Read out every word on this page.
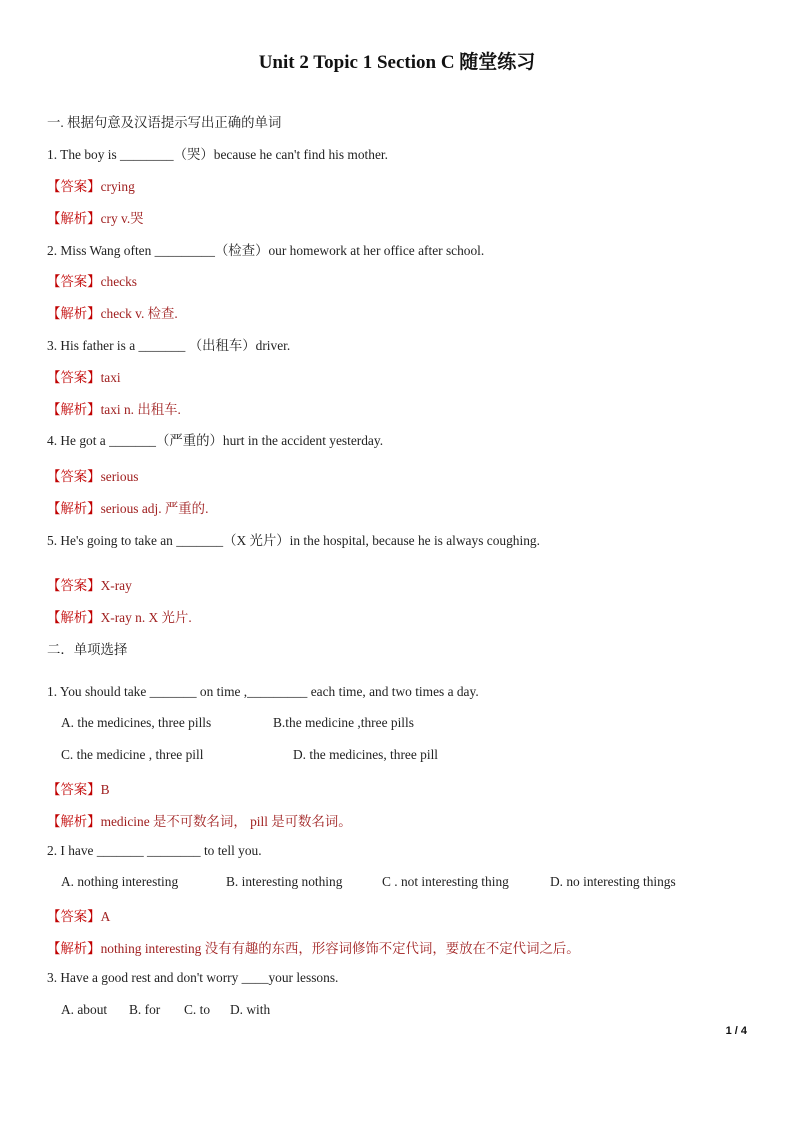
Unit 2 Topic 1 Section C 随堂练习
一. 根据句意及汉语提示写出正确的单词
1. The boy is ________（哭）because he can't find his mother.
【答案】crying
【解析】cry v.哭
2. Miss Wang often _________（检查）our homework at her office after school.
【答案】checks
【解析】check v. 检查.
3. His father is a _______ （出租车）driver.
【答案】taxi
【解析】taxi n. 出租车.
4. He got a _______（严重的）hurt in the accident yesterday.
【答案】serious
【解析】serious adj. 严重的.
5. He's going to take an _______（X 光片）in the hospital, because he is always coughing.
【答案】X-ray
【解析】X-ray n. X 光片.
二．单项选择
1. You should take _______ on time ,_________ each time, and two times a day.
A. the medicines, three pills	B.the medicine ,three pills
C. the medicine , three pill	D. the medicines, three pill
【答案】B
【解析】medicine 是不可数名词， pill 是可数名词。
2. I have _______ ________ to tell you.
A. nothing interesting	B. interesting nothing	C . not interesting thing	D. no interesting things
【答案】A
【解析】nothing interesting 没有有趣的东西，形容词修饰不定代词，要放在不定代词之后。
3. Have a good rest and don't worry ____your lessons.
A. about B. for C. to D. with
1 / 4
